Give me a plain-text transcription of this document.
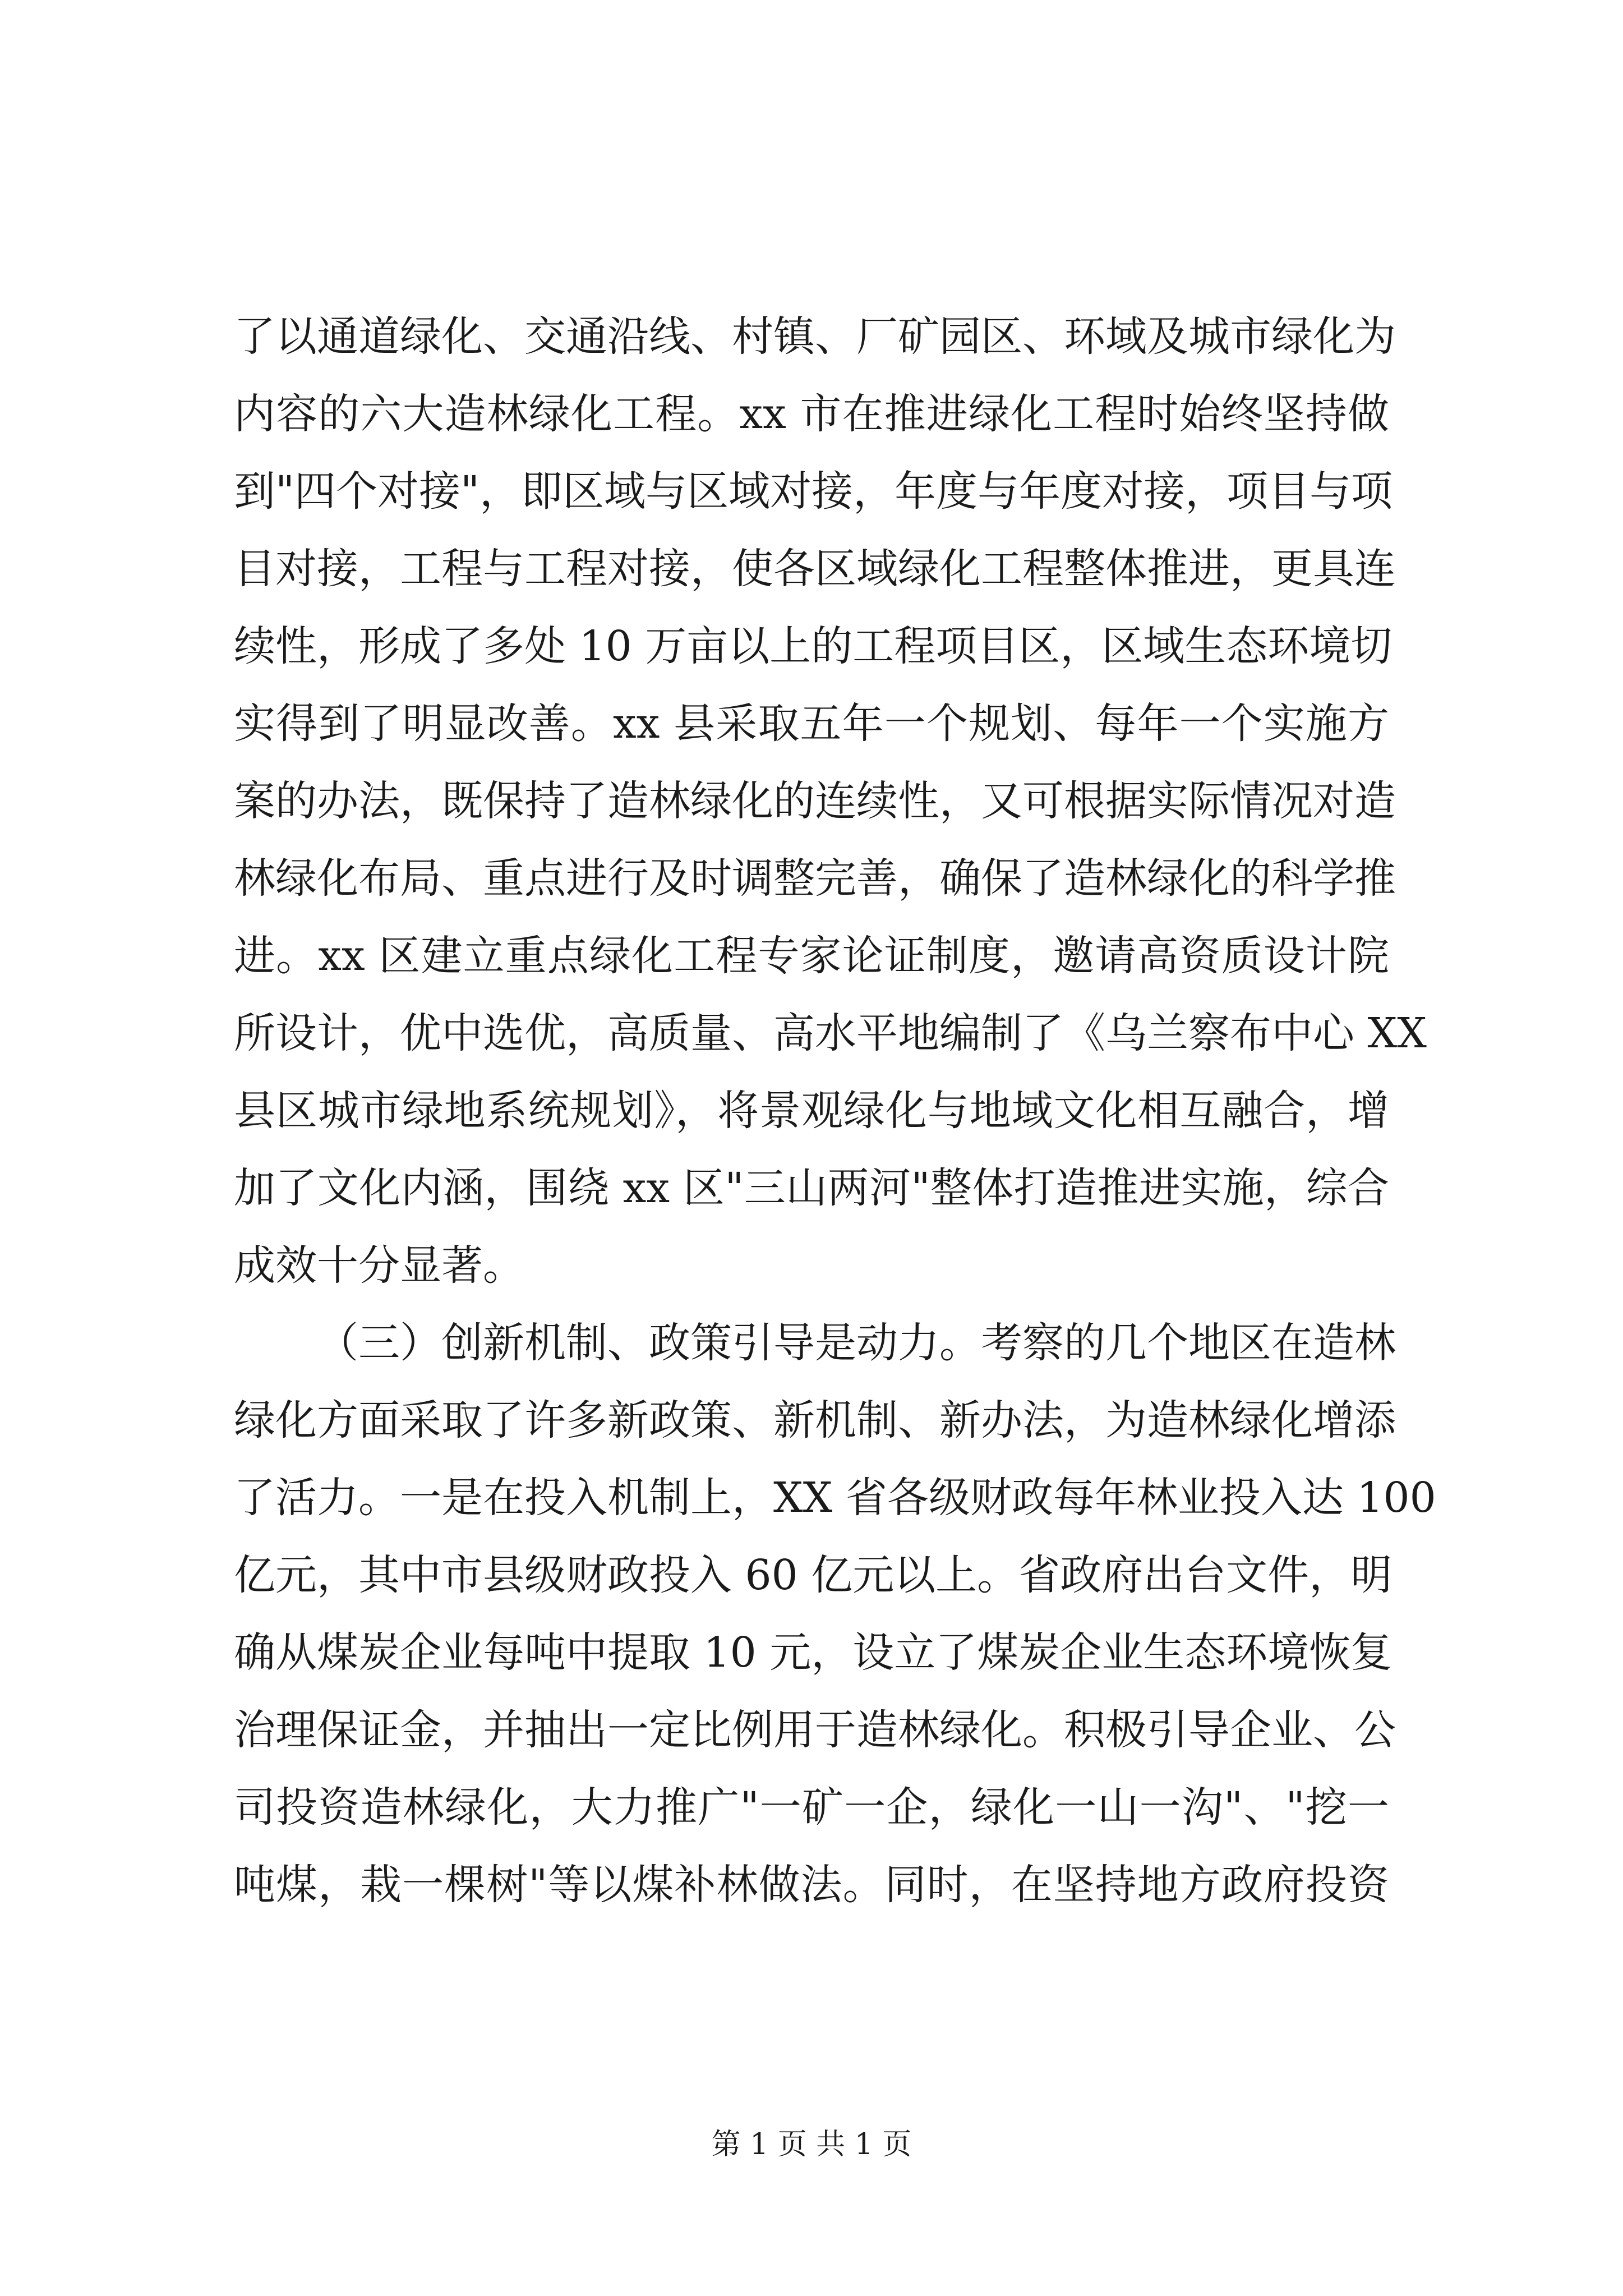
了以通道绿化、交通沿线、村镇、厂矿园区、环域及城市绿化为
内容的六大造林绿化工程。xx 市在推进绿化工程时始终坚持做
到"四个对接"，即区域与区域对接，年度与年度对接，项目与项
目对接，工程与工程对接，使各区域绿化工程整体推进，更具连
续性，形成了多处 10 万亩以上的工程项目区，区域生态环境切
实得到了明显改善。xx 县采取五年一个规划、每年一个实施方
案的办法，既保持了造林绿化的连续性，又可根据实际情况对造
林绿化布局、重点进行及时调整完善，确保了造林绿化的科学推
进。xx 区建立重点绿化工程专家论证制度，邀请高资质设计院
所设计，优中选优，高质量、高水平地编制了《乌兰察布中心 XX
县区城市绿地系统规划》，将景观绿化与地域文化相互融合，增
加了文化内涵，围绕 xx 区"三山两河"整体打造推进实施，综合
成效十分显著。
（三）创新机制、政策引导是动力。考察的几个地区在造林
绿化方面采取了许多新政策、新机制、新办法，为造林绿化增添
了活力。一是在投入机制上，XX 省各级财政每年林业投入达 100
亿元，其中市县级财政投入 60 亿元以上。省政府出台文件，明
确从煤炭企业每吨中提取 10 元，设立了煤炭企业生态环境恢复
治理保证金，并抽出一定比例用于造林绿化。积极引导企业、公
司投资造林绿化，大力推广"一矿一企，绿化一山一沟"、"挖一
吨煤，栽一棵树"等以煤补林做法。同时，在坚持地方政府投资
第 1 页 共 1 页
